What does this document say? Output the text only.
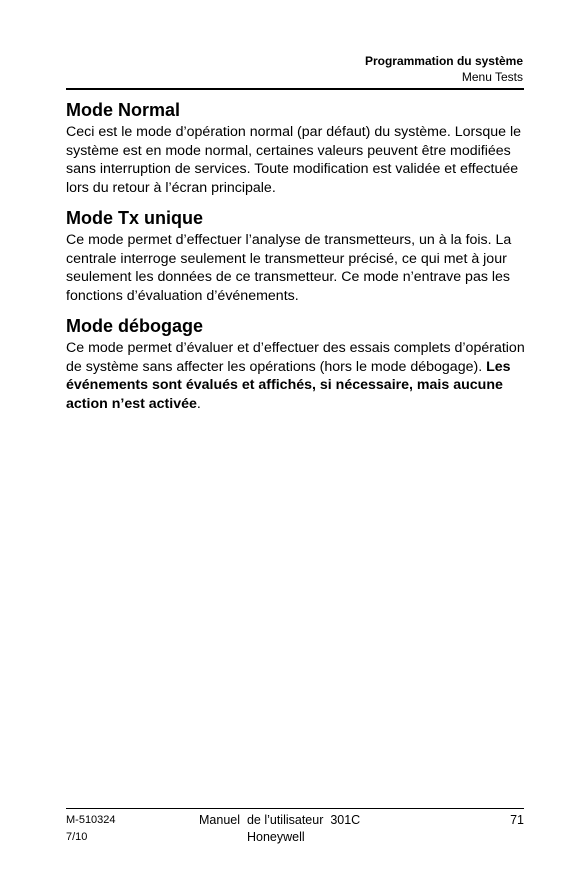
Programmation du système
Menu Tests
Mode Normal

Ceci est le mode d’opération normal (par défaut) du système. Lorsque le système est en mode normal, certaines valeurs peuvent être modifiées sans interruption de services. Toute modification est validée et effectuée lors du retour à l’écran principale.

Mode Tx unique

Ce mode permet d’effectuer l’analyse de transmetteurs, un à la fois. La centrale interroge seulement le transmetteur précisé, ce qui met à jour seulement les données de ce transmetteur. Ce mode n’entrave pas les fonctions d’évaluation d’événements.

Mode débogage

Ce mode permet d’évaluer et d’effectuer des essais complets d’opération de système sans affecter les opérations (hors le mode débogage). Les événements sont évalués et affichés, si nécessaire, mais aucune action n’est activée.

M-510324
7/10
Manuel  de l’utilisateur  301C
Honeywell
71
